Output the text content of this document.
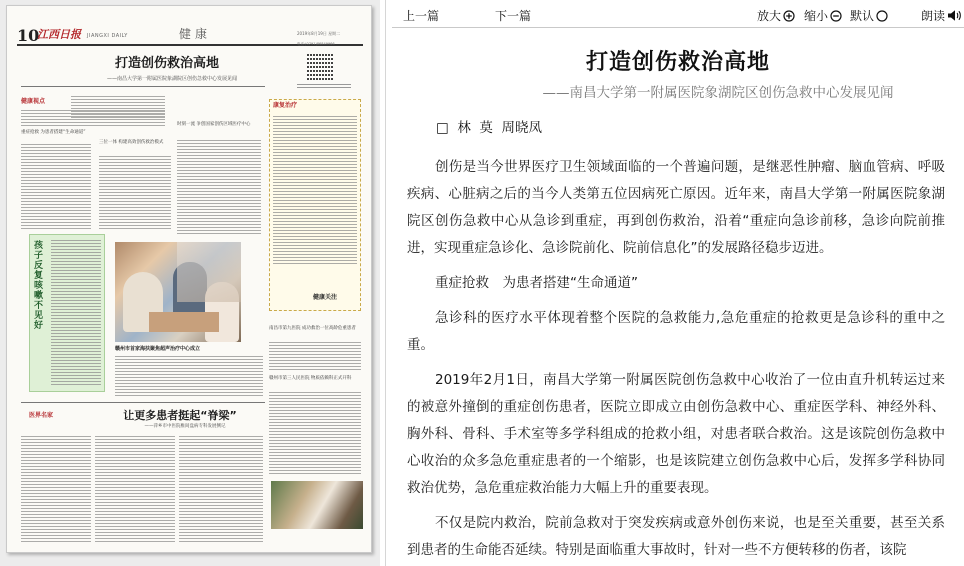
10
江西日报 JIANGXI DAILY	健康	2019年8月19日 星期二
电话:(0791)86849966
打造创伤救治高地
——南昌大学第一附属医院象湖院区创伤急救中心发展见闻
健康视点
重症抢救 为患者搭建“生命通道”
三位一体 构建高效创伤救治模式
时刻一流 争创国家创伤区域医疗中心
康复治疗
健康关注
孩子反复咳嗽不见好
赣州市首家海扶聚焦超声治疗中心成立
南昌市第九医院 成功救治一位高龄危重患者
赣州市第三人民医院 物质依赖科正式开科
医界名家	让更多患者挺起“脊梁”
——萍乡市中医院椎间盘病专科发展侧记
上一篇	下一篇	放大	缩小	默认	朗读
打造创伤救治高地
——南昌大学第一附属医院象湖院区创伤急救中心发展见闻
□  林  莫  周晓凤

创伤是当今世界医疗卫生领域面临的一个普遍问题，是继恶性肿瘤、脑血管病、呼吸疾病、心脏病之后的当今人类第五位因病死亡原因。近年来，南昌大学第一附属医院象湖院区创伤急救中心从急诊到重症，再到创伤救治，沿着“重症向急诊前移，急诊向院前推进，实现重症急诊化、急诊院前化、院前信息化”的发展路径稳步迈进。

重症抢救　为患者搭建“生命通道”

急诊科的医疗水平体现着整个医院的急救能力,急危重症的抢救更是急诊科的重中之重。

2019年2月1日，南昌大学第一附属医院创伤急救中心收治了一位由直升机转运过来的被意外撞倒的重症创伤患者，医院立即成立由创伤急救中心、重症医学科、神经外科、胸外科、骨科、手术室等多学科组成的抢救小组，对患者联合救治。这是该院创伤急救中心收治的众多急危重症患者的一个缩影，也是该院建立创伤急救中心后，发挥多学科协同救治优势，急危重症救治能力大幅上升的重要表现。

不仅是院内救治，院前急救对于突发疾病或意外创伤来说，也是至关重要，甚至关系到患者的生命能否延续。特别是面临重大事故时，针对一些不方便转移的伤者，该院
